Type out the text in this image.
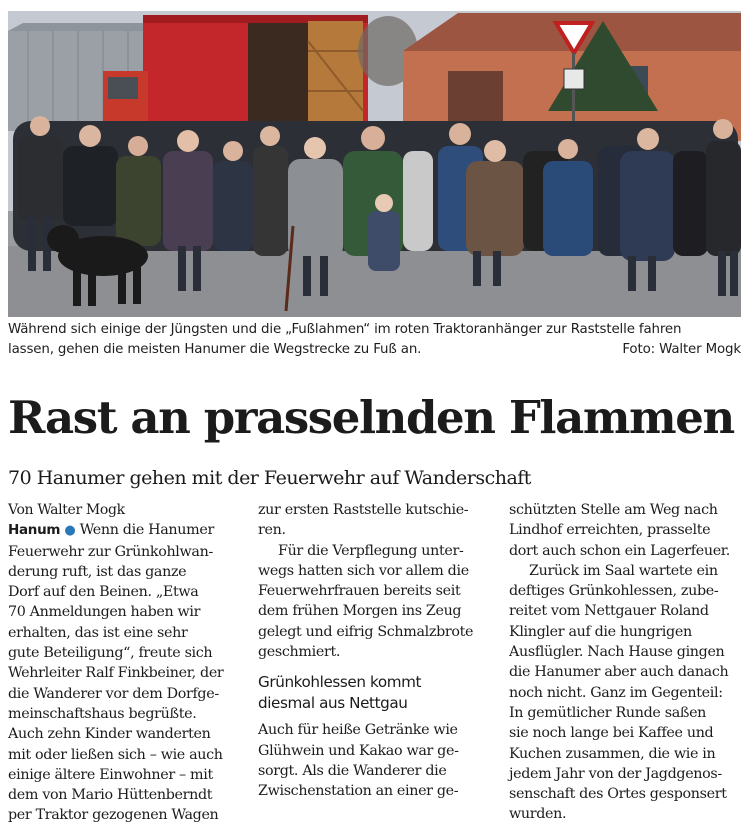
Während sich einige der Jüngsten und die „Fußlahmen“ im roten Traktoranhänger zur Raststelle fahren
lassen, gehen die meisten Hanumer die Wegstrecke zu Fuß an.	Foto: Walter Mogk
Rast an prasselnden Flammen
70 Hanumer gehen mit der Feuerwehr auf Wanderschaft

Von Walter Mogk

Hanum ● Wenn die Hanumer

Feuerwehr zur Grünkohlwan-

derung ruft, ist das ganze

Dorf auf den Beinen. „Etwa

70 Anmeldungen haben wir

erhalten, das ist eine sehr

gute Beteiligung“, freute sich

Wehrleiter Ralf Finkbeiner, der

die Wanderer vor dem Dorfge-

meinschaftshaus begrüßte.

Auch zehn Kinder wanderten

mit oder ließen sich – wie auch

einige ältere Einwohner – mit

dem von Mario Hüttenberndt

per Traktor gezogenen Wagen

zur ersten Raststelle kutschie-

ren.

Für die Verpflegung unter-

wegs hatten sich vor allem die

Feuerwehrfrauen bereits seit

dem frühen Morgen ins Zeug

gelegt und eifrig Schmalzbrote

geschmiert.

Grünkohlessen kommt
diesmal aus Nettgau

Auch für heiße Getränke wie

Glühwein und Kakao war ge-

sorgt. Als die Wanderer die

Zwischenstation an einer ge-

schützten Stelle am Weg nach

Lindhof erreichten, prasselte

dort auch schon ein Lagerfeuer.

Zurück im Saal wartete ein

deftiges Grünkohlessen, zube-

reitet vom Nettgauer Roland

Klingler auf die hungrigen

Ausflügler. Nach Hause gingen

die Hanumer aber auch danach

noch nicht. Ganz im Gegenteil:

In gemütlicher Runde saßen

sie noch lange bei Kaffee und

Kuchen zusammen, die wie in

jedem Jahr von der Jagdgenos-

senschaft des Ortes gesponsert

wurden.
